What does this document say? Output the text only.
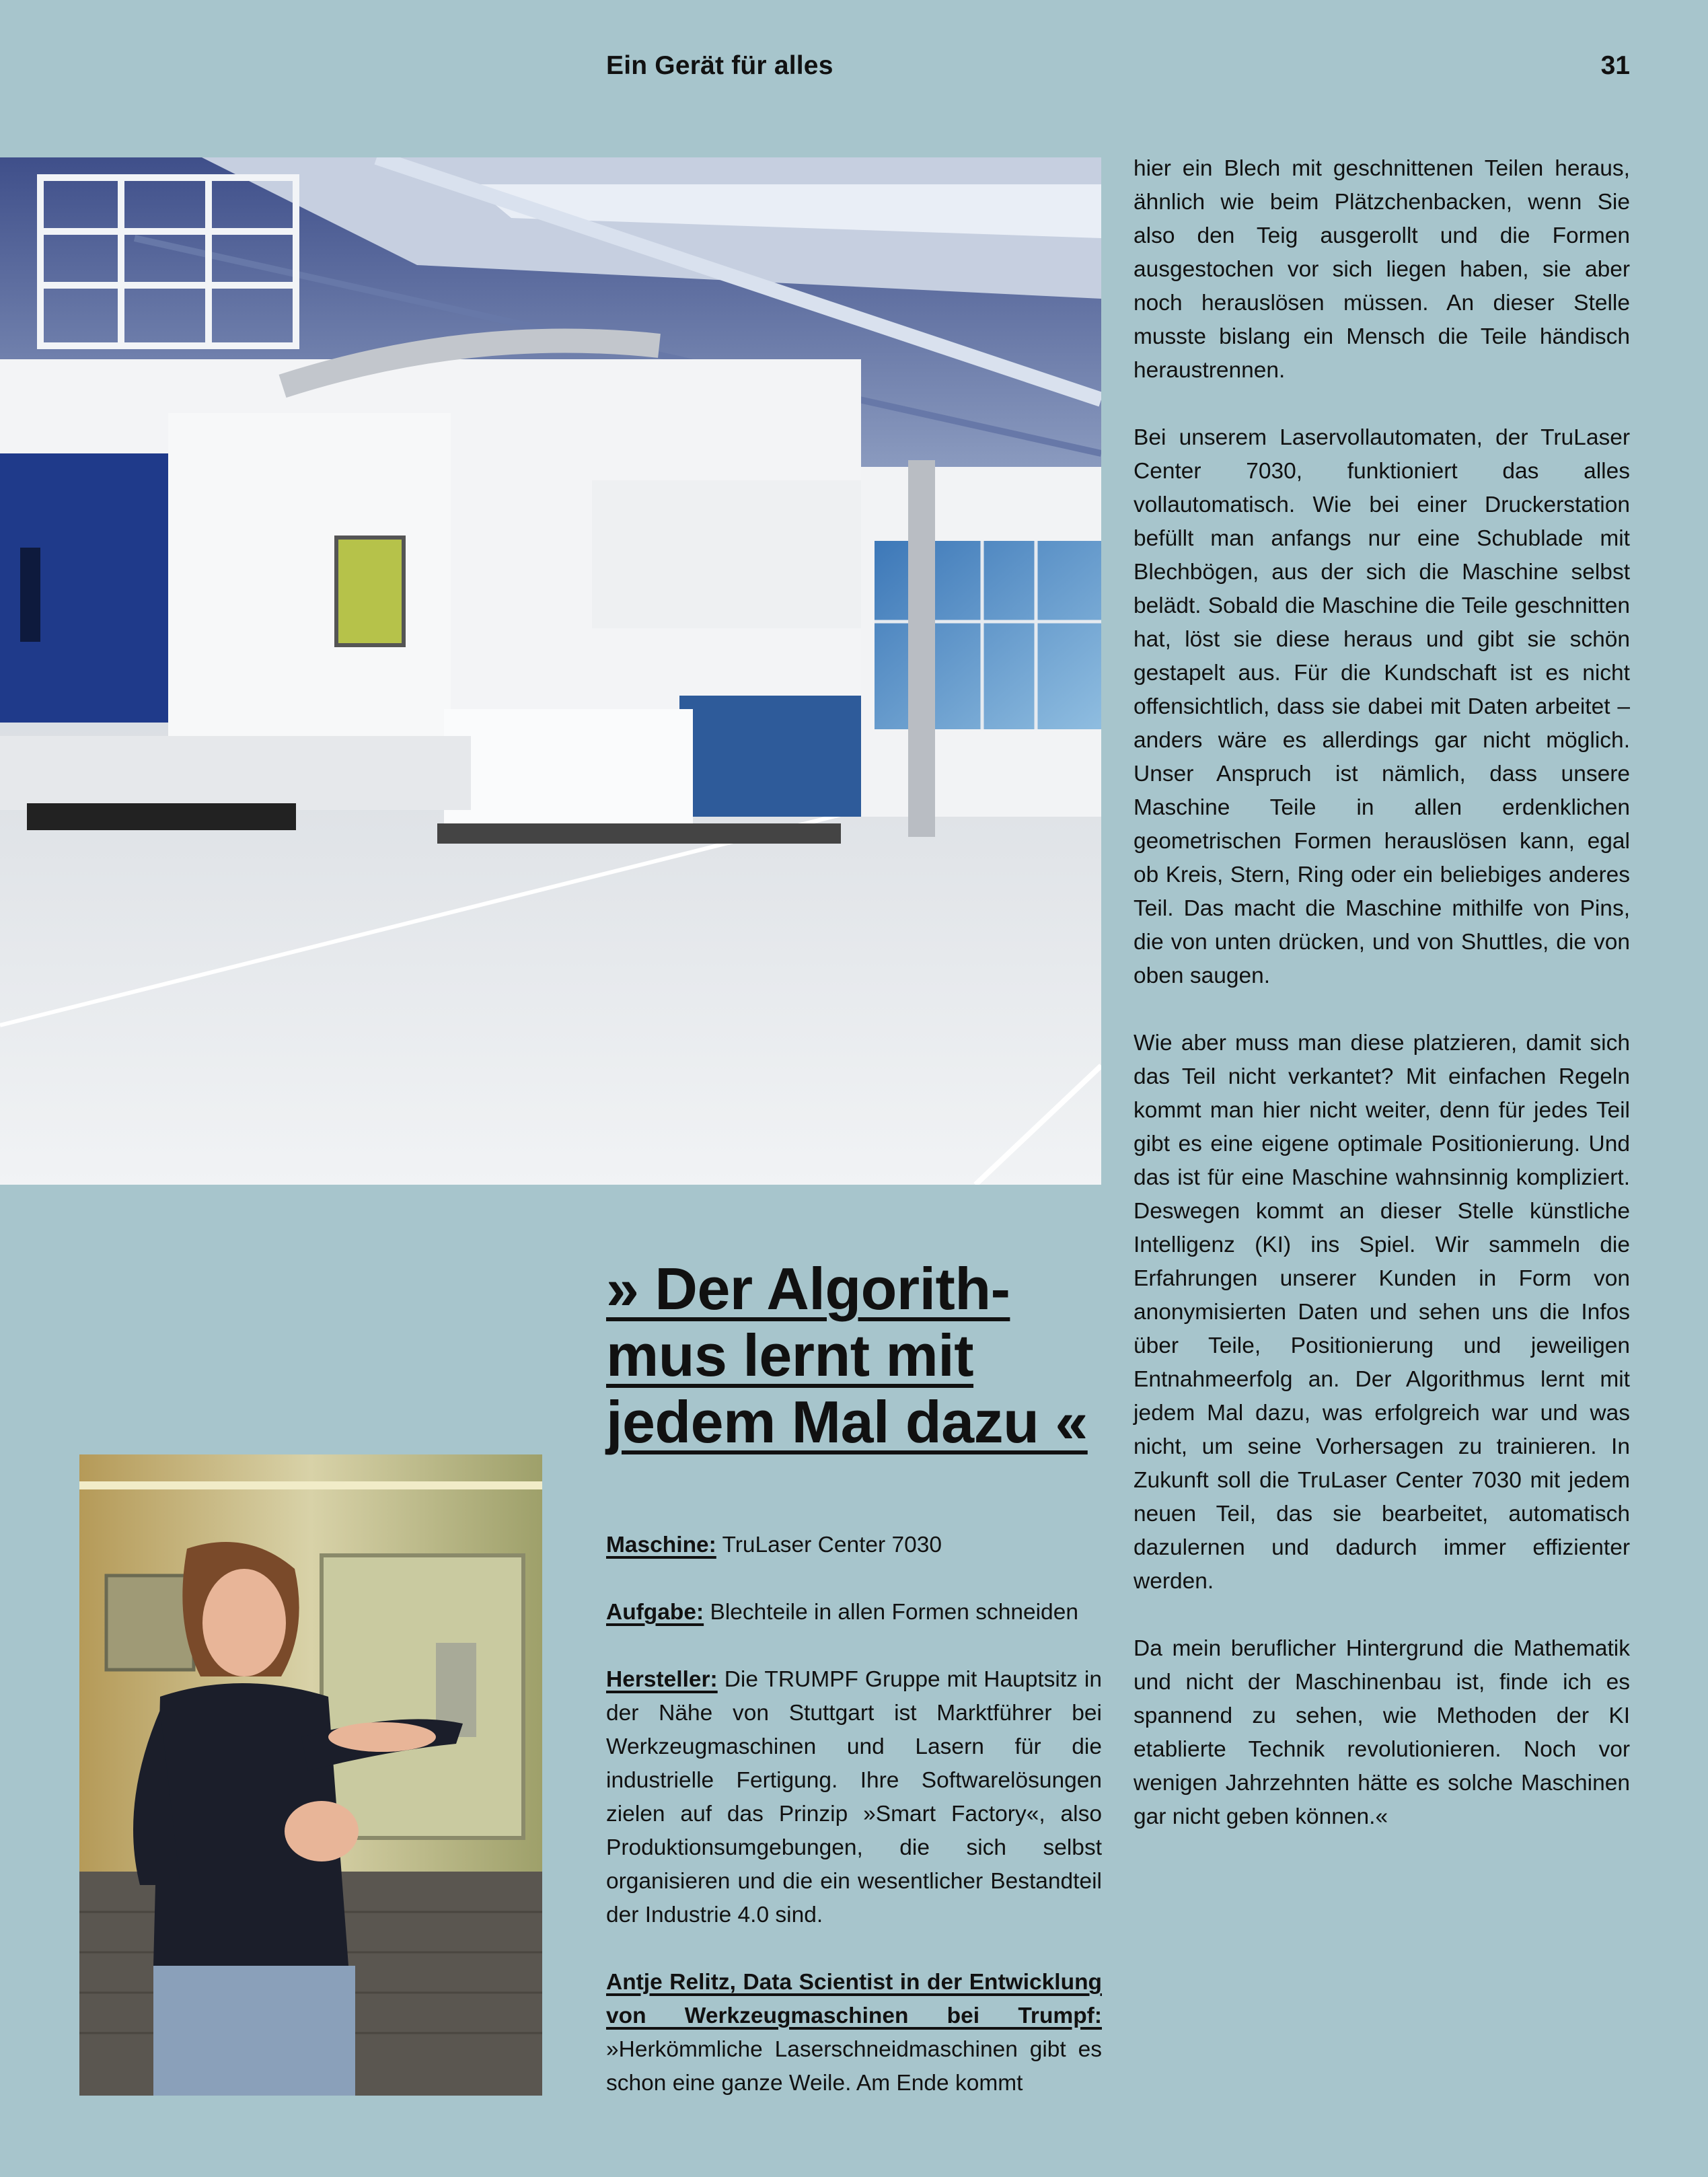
Ein Gerät für alles	31
» Der Algorith-
mus lernt mit
jedem Mal dazu «

Maschine: TruLaser Center 7030

Aufgabe: Blechteile in allen Formen schneiden

Hersteller: Die TRUMPF Gruppe mit Hauptsitz in der Nähe von Stuttgart ist Marktführer bei Werkzeugmaschinen und Lasern für die industrielle Fertigung. Ihre Softwarelösungen zielen auf das Prinzip »Smart Factory«, also Produktionsumgebungen, die sich selbst organisieren und die ein wesentlicher Bestandteil der Industrie 4.0 sind.

Antje Relitz, Data Scientist in der Entwicklung von Werkzeugmaschinen bei Trumpf: »Herkömmliche Laserschneidmaschinen gibt es schon eine ganze Weile. Am Ende kommt

hier ein Blech mit geschnittenen Teilen heraus, ähnlich wie beim Plätzchenbacken, wenn Sie also den Teig ausgerollt und die Formen ausgestochen vor sich liegen haben, sie aber noch herauslösen müssen. An dieser Stelle musste bislang ein Mensch die Teile händisch heraustrennen.

Bei unserem Laservollautomaten, der TruLaser Center 7030, funktioniert das alles vollautomatisch. Wie bei einer Druckerstation befüllt man anfangs nur eine Schublade mit Blechbögen, aus der sich die Maschine selbst belädt. Sobald die Maschine die Teile geschnitten hat, löst sie diese heraus und gibt sie schön gestapelt aus. Für die Kundschaft ist es nicht offensichtlich, dass sie dabei mit Daten arbeitet – anders wäre es allerdings gar nicht möglich. Unser Anspruch ist nämlich, dass unsere Maschine Teile in allen erdenklichen geometrischen Formen herauslösen kann, egal ob Kreis, Stern, Ring oder ein beliebiges anderes Teil. Das macht die Maschine mithilfe von Pins, die von unten drücken, und von Shuttles, die von oben saugen.

Wie aber muss man diese platzieren, damit sich das Teil nicht verkantet? Mit einfachen Regeln kommt man hier nicht weiter, denn für jedes Teil gibt es eine eigene optimale Positionierung. Und das ist für eine Maschine wahnsinnig kompliziert. Deswegen kommt an dieser Stelle künstliche Intelligenz (KI) ins Spiel. Wir sammeln die Erfahrungen unserer Kunden in Form von anonymisierten Daten und sehen uns die Infos über Teile, Positionierung und jeweiligen Entnahmeerfolg an. Der Algorithmus lernt mit jedem Mal dazu, was erfolgreich war und was nicht, um seine Vorhersagen zu trainieren. In Zukunft soll die TruLaser Center 7030 mit jedem neuen Teil, das sie bearbeitet, automatisch dazulernen und dadurch immer effizienter werden.

Da mein beruflicher Hintergrund die Mathematik und nicht der Maschinenbau ist, finde ich es spannend zu sehen, wie Methoden der KI etablierte Technik revolutionieren. Noch vor wenigen Jahrzehnten hätte es solche Maschinen gar nicht geben können.«
